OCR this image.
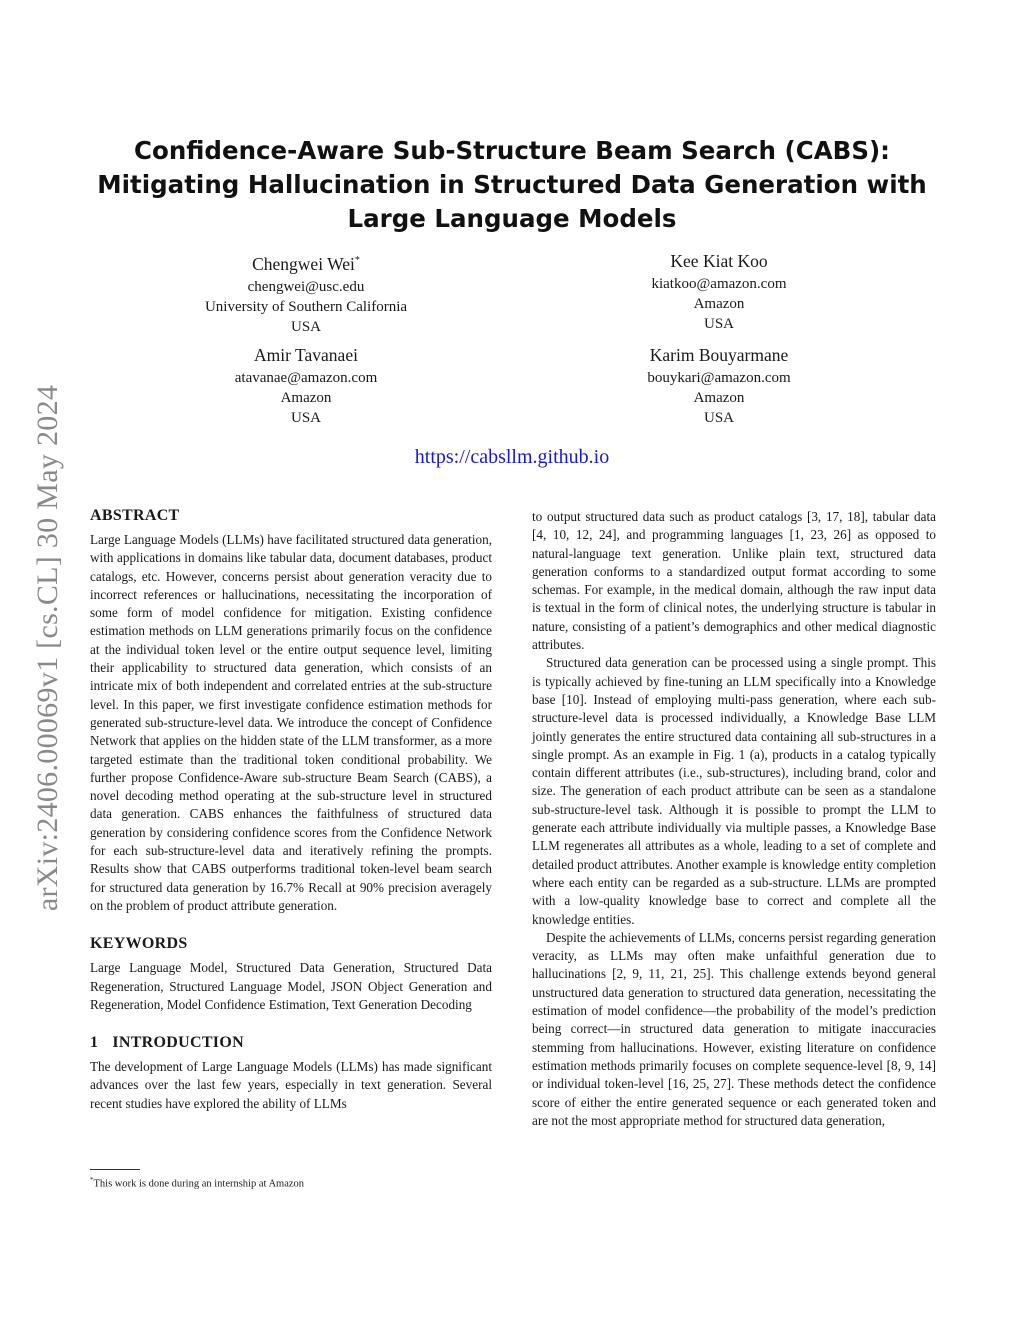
arXiv:2406.00069v1 [cs.CL] 30 May 2024
Confidence-Aware Sub-Structure Beam Search (CABS):
Mitigating Hallucination in Structured Data Generation with
Large Language Models
Chengwei Wei*
chengwei@usc.edu
University of Southern California
USA
Kee Kiat Koo
kiatkoo@amazon.com
Amazon
USA
Amir Tavanaei
atavanae@amazon.com
Amazon
USA
Karim Bouyarmane
bouykari@amazon.com
Amazon
USA
https://cabsllm.github.io
ABSTRACT

Large Language Models (LLMs) have facilitated structured data generation, with applications in domains like tabular data, document databases, product catalogs, etc. However, concerns persist about generation veracity due to incorrect references or hallucinations, necessitating the incorporation of some form of model confidence for mitigation. Existing confidence estimation methods on LLM generations primarily focus on the confidence at the individual token level or the entire output sequence level, limiting their applicability to structured data generation, which consists of an intricate mix of both independent and correlated entries at the sub-structure level. In this paper, we first investigate confidence estimation methods for generated sub-structure-level data. We introduce the concept of Confidence Network that applies on the hidden state of the LLM transformer, as a more targeted estimate than the traditional token conditional probability. We further propose Confidence-Aware sub-structure Beam Search (CABS), a novel decoding method operating at the sub-structure level in structured data generation. CABS enhances the faithfulness of structured data generation by considering confidence scores from the Confidence Network for each sub-structure-level data and iteratively refining the prompts. Results show that CABS outperforms traditional token-level beam search for structured data generation by 16.7% Recall at 90% precision averagely on the problem of product attribute generation.

KEYWORDS

Large Language Model, Structured Data Generation, Structured Data Regeneration, Structured Language Model, JSON Object Generation and Regeneration, Model Confidence Estimation, Text Generation Decoding

1 INTRODUCTION

The development of Large Language Models (LLMs) has made significant advances over the last few years, especially in text generation. Several recent studies have explored the ability of LLMs

to output structured data such as product catalogs [3, 17, 18], tabular data [4, 10, 12, 24], and programming languages [1, 23, 26] as opposed to natural-language text generation. Unlike plain text, structured data generation conforms to a standardized output format according to some schemas. For example, in the medical domain, although the raw input data is textual in the form of clinical notes, the underlying structure is tabular in nature, consisting of a patient’s demographics and other medical diagnostic attributes.

Structured data generation can be processed using a single prompt. This is typically achieved by fine-tuning an LLM specifically into a Knowledge base [10]. Instead of employing multi-pass generation, where each sub-structure-level data is processed individually, a Knowledge Base LLM jointly generates the entire structured data containing all sub-structures in a single prompt. As an example in Fig. 1 (a), products in a catalog typically contain different attributes (i.e., sub-structures), including brand, color and size. The generation of each product attribute can be seen as a standalone sub-structure-level task. Although it is possible to prompt the LLM to generate each attribute individually via multiple passes, a Knowledge Base LLM regenerates all attributes as a whole, leading to a set of complete and detailed product attributes. Another example is knowledge entity completion where each entity can be regarded as a sub-structure. LLMs are prompted with a low-quality knowledge base to correct and complete all the knowledge entities.

Despite the achievements of LLMs, concerns persist regarding generation veracity, as LLMs may often make unfaithful generation due to hallucinations [2, 9, 11, 21, 25]. This challenge extends beyond general unstructured data generation to structured data generation, necessitating the estimation of model confidence—the probability of the model’s prediction being correct—in structured data generation to mitigate inaccuracies stemming from hallucinations. However, existing literature on confidence estimation methods primarily focuses on complete sequence-level [8, 9, 14] or individual token-level [16, 25, 27]. These methods detect the confidence score of either the entire generated sequence or each generated token and are not the most appropriate method for structured data generation,

*This work is done during an internship at Amazon
